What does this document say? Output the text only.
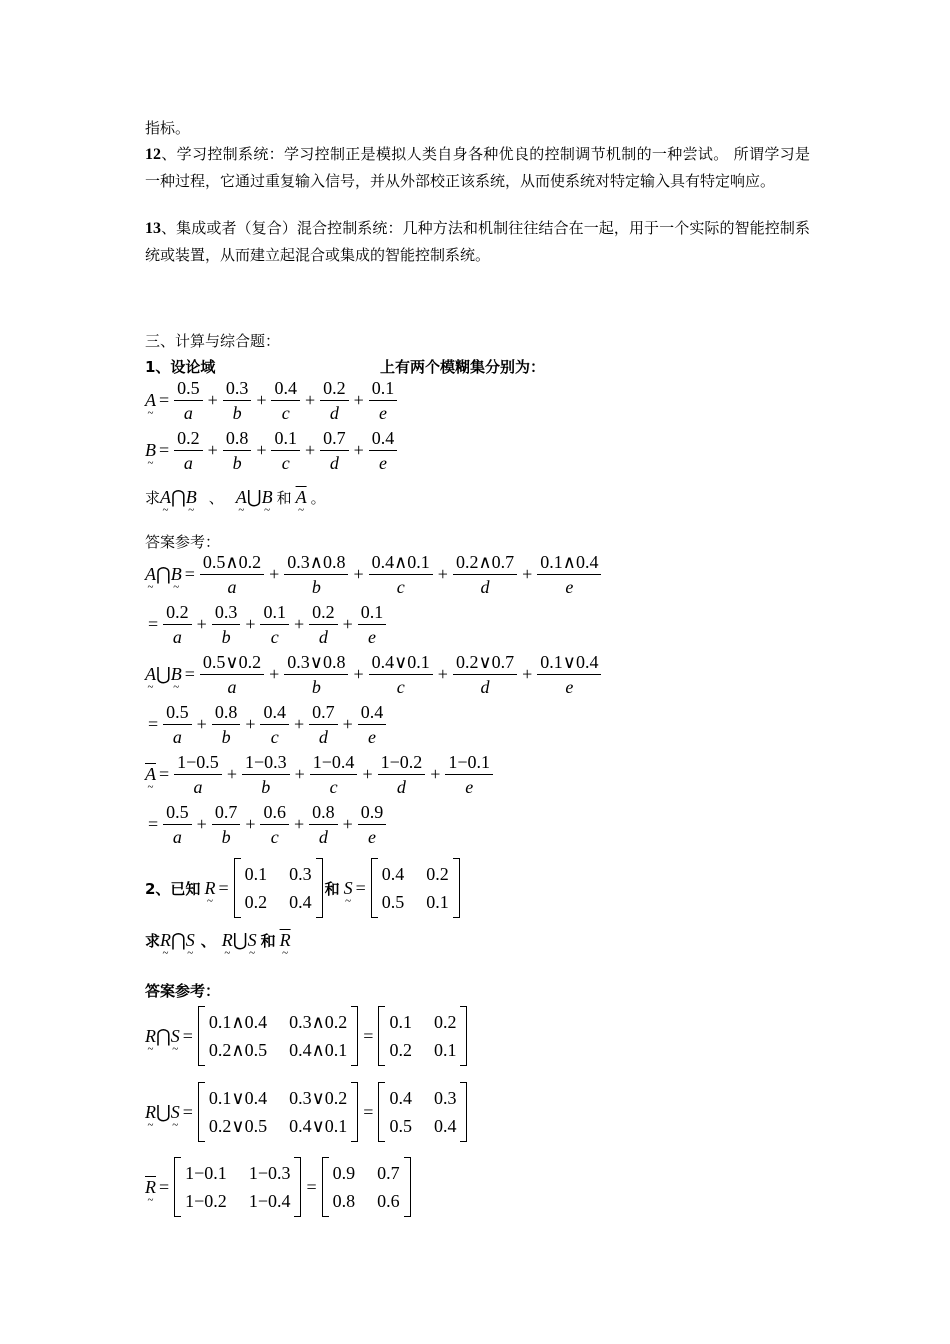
指标。
12、学习控制系统：学习控制正是模拟人类自身各种优良的控制调节机制的一种尝试。 所谓学习是一种过程，它通过重复输入信号，并从外部校正该系统，从而使系统对特定输入具有特定响应。
13、集成或者（复合）混合控制系统：几种方法和机制往往结合在一起，用于一个实际的智能控制系统或装置，从而建立起混合或集成的智能控制系统。
三、计算与综合题：
1、设论域	上有两个模糊集分别为：
A ~ = $\frac{0.5}{a} + \frac{0.3}{b} + \frac{0.4}{c} + \frac{0.2}{d} + \frac{0.1}{e}$
B ~ = $\frac{0.2}{a} + \frac{0.8}{b} + \frac{0.1}{c} + \frac{0.7}{d} + \frac{0.4}{e}$
求 A ~ ⋂ B ~ 、 A ~ ⋃ B ~ 和 $\overline{A}$ ~ 。
答案参考：
A ~ ⋂ B ~ = $\frac{0.5\wedge 0.2}{a} + \frac{0.3\wedge 0.8}{b} + \frac{0.4\wedge 0.1}{c} + \frac{0.2\wedge 0.7}{d} + \frac{0.1\wedge 0.4}{e}$
= $\frac{0.2}{a} + \frac{0.3}{b} + \frac{0.1}{c} + \frac{0.2}{d} + \frac{0.1}{e}$
A ~ ⋃ B ~ = $\frac{0.5\vee 0.2}{a} + \frac{0.3\vee 0.8}{b} + \frac{0.4\vee 0.1}{c} + \frac{0.2\vee 0.7}{d} + \frac{0.1\vee 0.4}{e}$
= $\frac{0.5}{a} + \frac{0.8}{b} + \frac{0.4}{c} + \frac{0.7}{d} + \frac{0.4}{e}$
$\overline{A}$ ~ = $\frac{1-0.5}{a} + \frac{1-0.3}{b} + \frac{1-0.4}{c} + \frac{1-0.2}{d} + \frac{1-0.1}{e}$
= $\frac{0.5}{a} + \frac{0.7}{b} + \frac{0.6}{c} + \frac{0.8}{d} + \frac{0.9}{e}$
2、已知 R ~ =
0.1 0.3
0.2 0.4
和 S ~ =
0.4 0.2
0.5 0.1
求 R ~ ⋂ S ~ 、 R ~ ⋃ S ~ 和 $\overline{R}$ ~
答案参考：
R ~ ⋂ S ~ =
0.1∧0.4 0.3∧0.2
0.2∧0.5 0.4∧0.1
=
0.1 0.2
0.2 0.1
R ~ ⋃ S ~ =
0.1∨0.4 0.3∨0.2
0.2∨0.5 0.4∨0.1
=
0.4 0.3
0.5 0.4
$\overline{R}$ ~ =
1−0.1 1−0.3
1−0.2 1−0.4
=
0.9 0.7
0.8 0.6
